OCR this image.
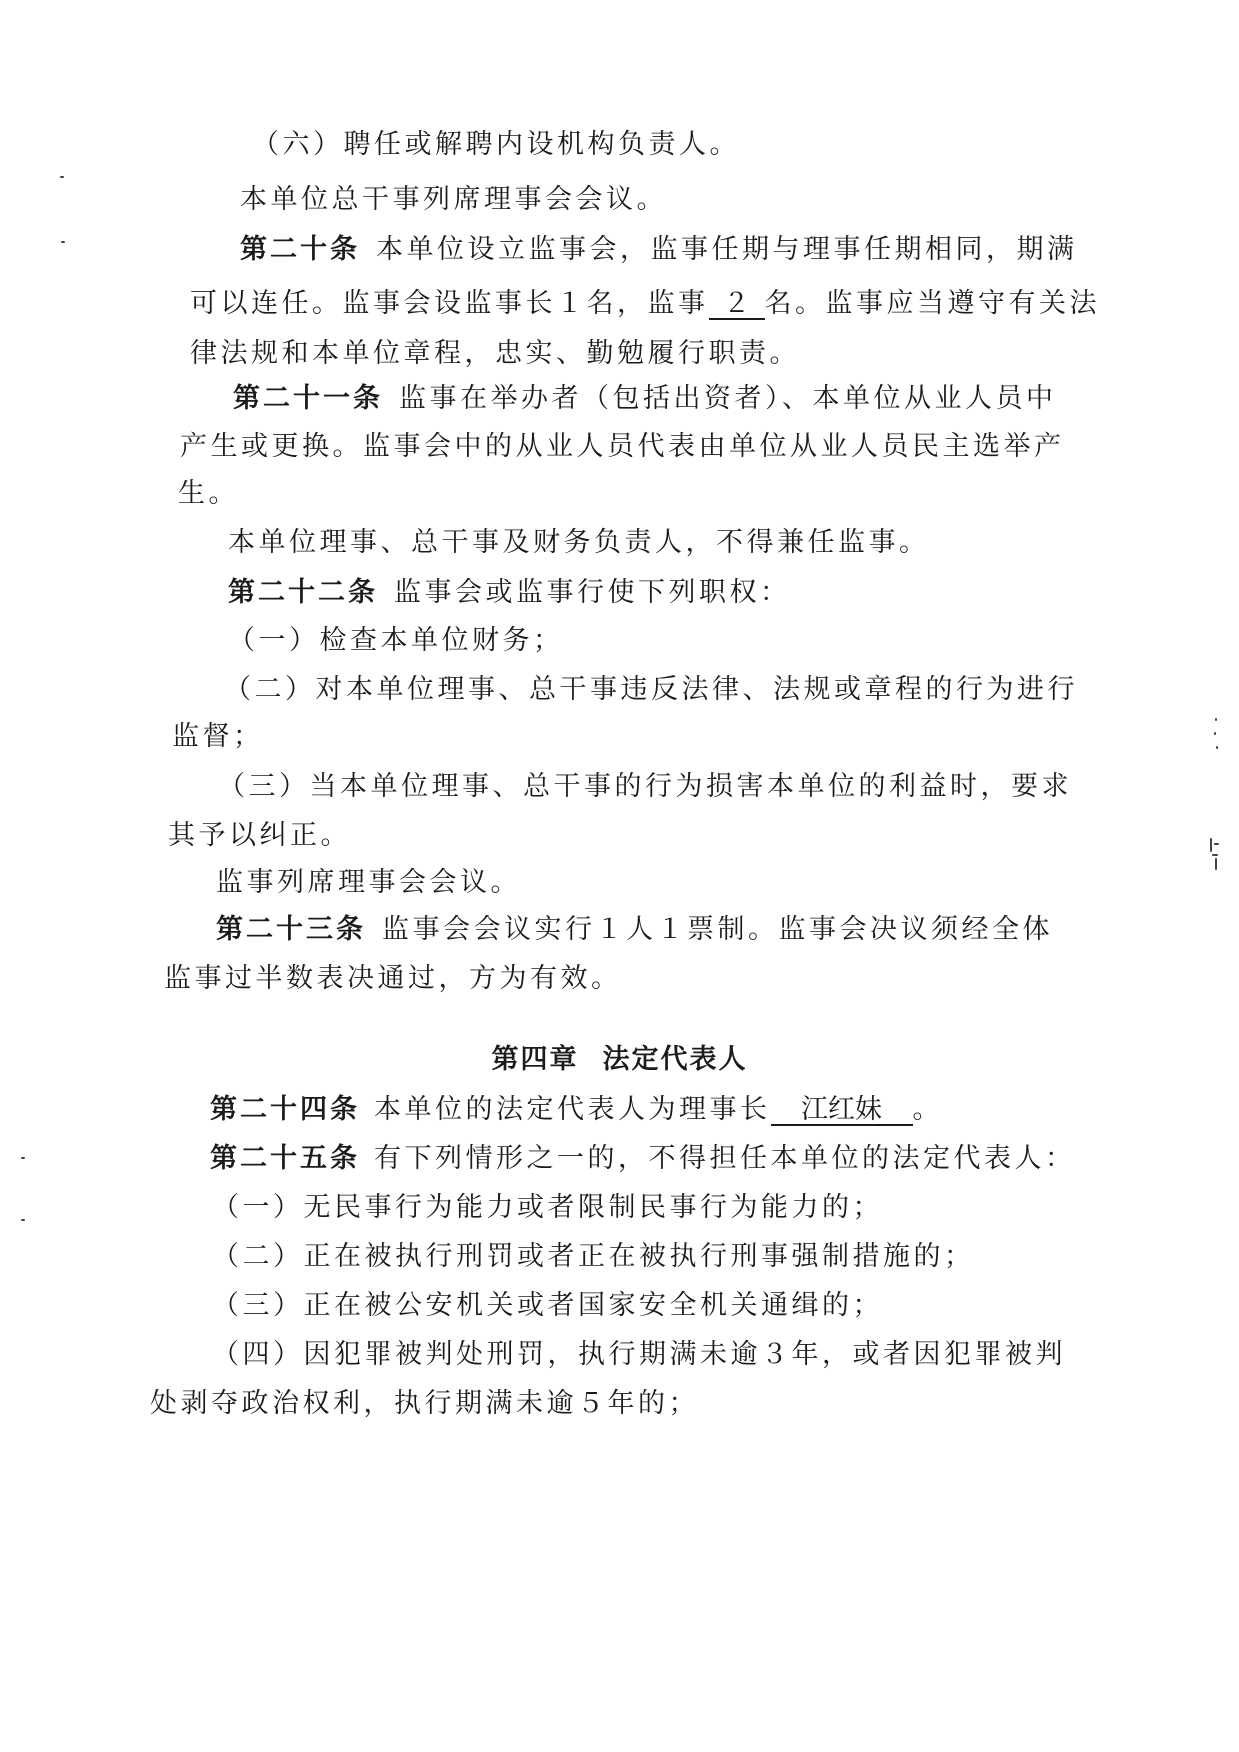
（六）聘任或解聘内设机构负责人。
本单位总干事列席理事会会议。
第二十条 本单位设立监事会，监事任期与理事任期相同，期满
可以连任。监事会设监事长１名，监事 ２ 名。监事应当遵守有关法
律法规和本单位章程，忠实、勤勉履行职责。
第二十一条 监事在举办者（包括出资者）、本单位从业人员中
产生或更换。监事会中的从业人员代表由单位从业人员民主选举产
生。
本单位理事、总干事及财务负责人，不得兼任监事。
第二十二条 监事会或监事行使下列职权：
（一）检查本单位财务；
（二）对本单位理事、总干事违反法律、法规或章程的行为进行
监督；
（三）当本单位理事、总干事的行为损害本单位的利益时，要求
其予以纠正。
监事列席理事会会议。
第二十三条 监事会会议实行１人１票制。监事会决议须经全体
监事过半数表决通过，方为有效。
第四章 法定代表人
第二十四条 本单位的法定代表人为理事长 江红妹 。
第二十五条 有下列情形之一的，不得担任本单位的法定代表人：
（一）无民事行为能力或者限制民事行为能力的；
（二）正在被执行刑罚或者正在被执行刑事强制措施的；
（三）正在被公安机关或者国家安全机关通缉的；
（四）因犯罪被判处刑罚，执行期满未逾３年，或者因犯罪被判
处剥夺政治权利，执行期满未逾５年的；
